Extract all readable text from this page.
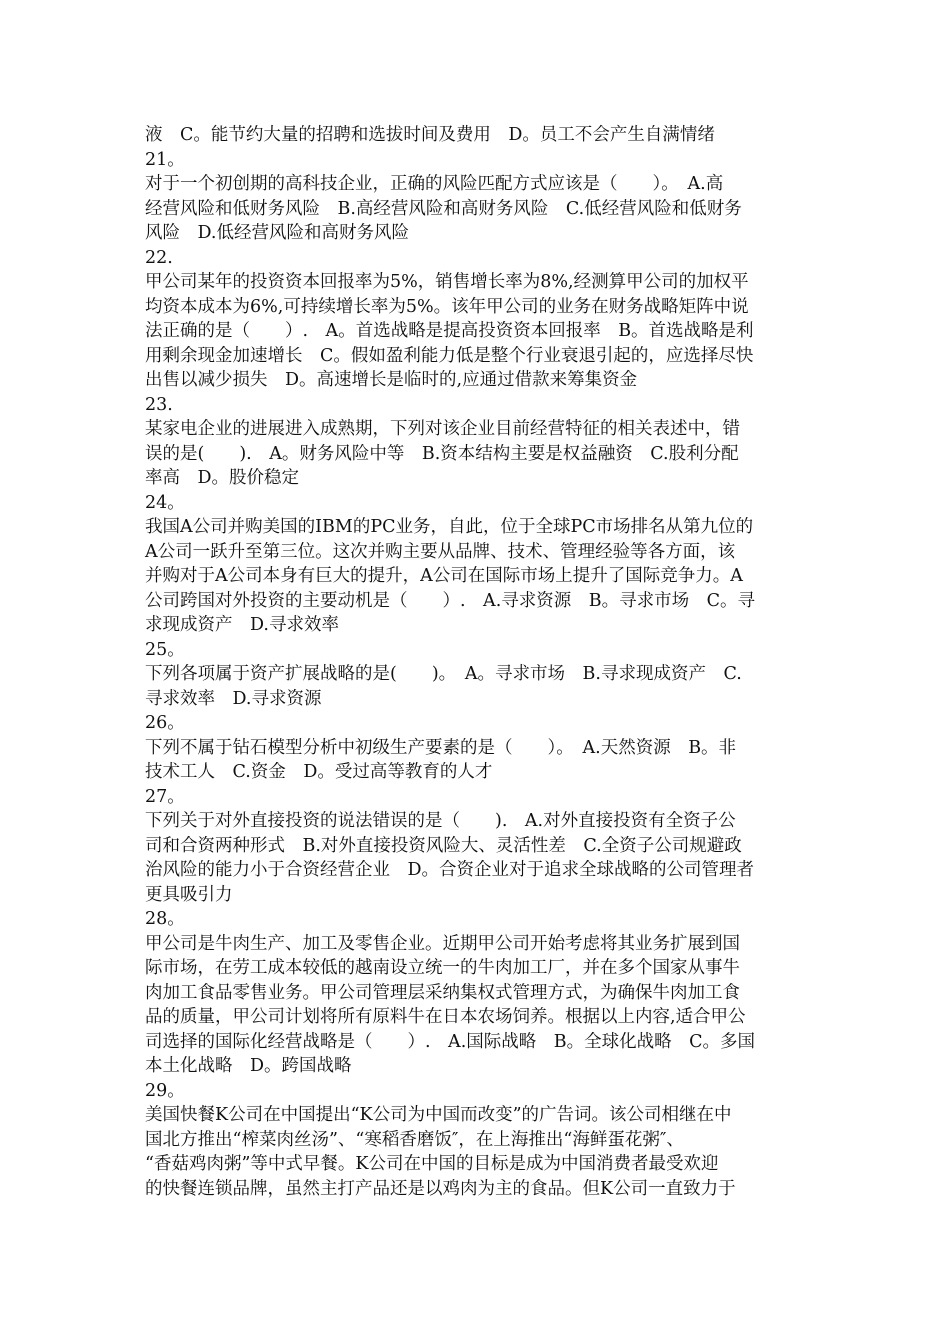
液　C。能节约大量的招聘和选拔时间及费用　D。员工不会产生自满情绪
21。
对于一个初创期的高科技企业，正确的风险匹配方式应该是（　　）。　A.高
经营风险和低财务风险　B.高经营风险和高财务风险　C.低经营风险和低财务
风险　D.低经营风险和高财务风险
22.
甲公司某年的投资资本回报率为5%，销售增长率为8%,经测算甲公司的加权平
均资本成本为6%,可持续增长率为5%。该年甲公司的业务在财务战略矩阵中说
法正确的是（　　）.　A。首选战略是提高投资资本回报率　B。首选战略是利
用剩余现金加速增长　C。假如盈利能力低是整个行业衰退引起的，应选择尽快
出售以减少损失　D。高速增长是临时的,应通过借款来筹集资金
23.
某家电企业的进展进入成熟期，下列对该企业目前经营特征的相关表述中，错
误的是(　　).　A。财务风险中等　B.资本结构主要是权益融资　C.股利分配
率高　D。股价稳定
24。
我国A公司并购美国的IBM的PC业务，自此，位于全球PC市场排名从第九位的
A公司一跃升至第三位。这次并购主要从品牌、技术、管理经验等各方面，该
并购对于A公司本身有巨大的提升，A公司在国际市场上提升了国际竞争力。A
公司跨国对外投资的主要动机是（　　）.　A.寻求资源　B。寻求市场　C。寻
求现成资产　D.寻求效率
25。
下列各项属于资产扩展战略的是(　　)。　A。寻求市场　B.寻求现成资产　C.
寻求效率　D.寻求资源
26。
下列不属于钻石模型分析中初级生产要素的是（　　）。　A.天然资源　B。非
技术工人　C.资金　D。受过高等教育的人才
27。
下列关于对外直接投资的说法错误的是（　　).　A.对外直接投资有全资子公
司和合资两种形式　B.对外直接投资风险大、灵活性差　C.全资子公司规避政
治风险的能力小于合资经营企业　D。合资企业对于追求全球战略的公司管理者
更具吸引力
28。
甲公司是牛肉生产、加工及零售企业。近期甲公司开始考虑将其业务扩展到国
际市场，在劳工成本较低的越南设立统一的牛肉加工厂，并在多个国家从事牛
肉加工食品零售业务。甲公司管理层采纳集权式管理方式，为确保牛肉加工食
品的质量，甲公司计划将所有原料牛在日本农场饲养。根据以上内容,适合甲公
司选择的国际化经营战略是（　　）.　A.国际战略　B。全球化战略　C。多国
本土化战略　D。跨国战略
29。
美国快餐K公司在中国提出“K公司为中国而改变”的广告词。该公司相继在中
国北方推出“榨菜肉丝汤”、“寒稻香磨饭″，在上海推出“海鲜蛋花粥″、
“香菇鸡肉粥”等中式早餐。K公司在中国的目标是成为中国消费者最受欢迎
的快餐连锁品牌，虽然主打产品还是以鸡肉为主的食品。但K公司一直致力于
